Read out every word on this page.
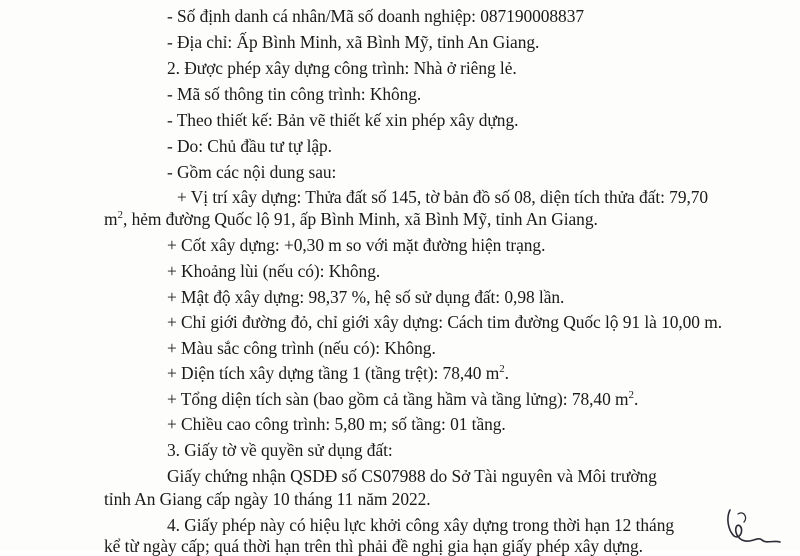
- Số định danh cá nhân/Mã số doanh nghiệp: 087190008837
- Địa chỉ: Ấp Bình Minh, xã Bình Mỹ, tỉnh An Giang.
2. Được phép xây dựng công trình: Nhà ở riêng lẻ.
- Mã số thông tin công trình: Không.
- Theo thiết kế: Bản vẽ thiết kế xin phép xây dựng.
- Do: Chủ đầu tư tự lập.
- Gồm các nội dung sau:
+ Vị trí xây dựng: Thửa đất số 145, tờ bản đồ số 08, diện tích thửa đất: 79,70
$m^2$, hẻm đường Quốc lộ 91, ấp Bình Minh, xã Bình Mỹ, tỉnh An Giang.
+ Cốt xây dựng: +0,30 m so với mặt đường hiện trạng.
+ Khoảng lùi (nếu có): Không.
+ Mật độ xây dựng: 98,37 %, hệ số sử dụng đất: 0,98 lần.
+ Chỉ giới đường đỏ, chỉ giới xây dựng: Cách tim đường Quốc lộ 91 là 10,00 m.
+ Màu sắc công trình (nếu có): Không.
+ Diện tích xây dựng tầng 1 (tầng trệt): 78,40 $m^2$.
+ Tổng diện tích sàn (bao gồm cả tầng hầm và tầng lửng): 78,40 $m^2$.
+ Chiều cao công trình: 5,80 m; số tầng: 01 tầng.
3. Giấy tờ về quyền sử dụng đất:
Giấy chứng nhận QSDĐ số CS07988 do Sở Tài nguyên và Môi trường
tỉnh An Giang cấp ngày 10 tháng 11 năm 2022.
4. Giấy phép này có hiệu lực khởi công xây dựng trong thời hạn 12 tháng
kể từ ngày cấp; quá thời hạn trên thì phải đề nghị gia hạn giấy phép xây dựng.
